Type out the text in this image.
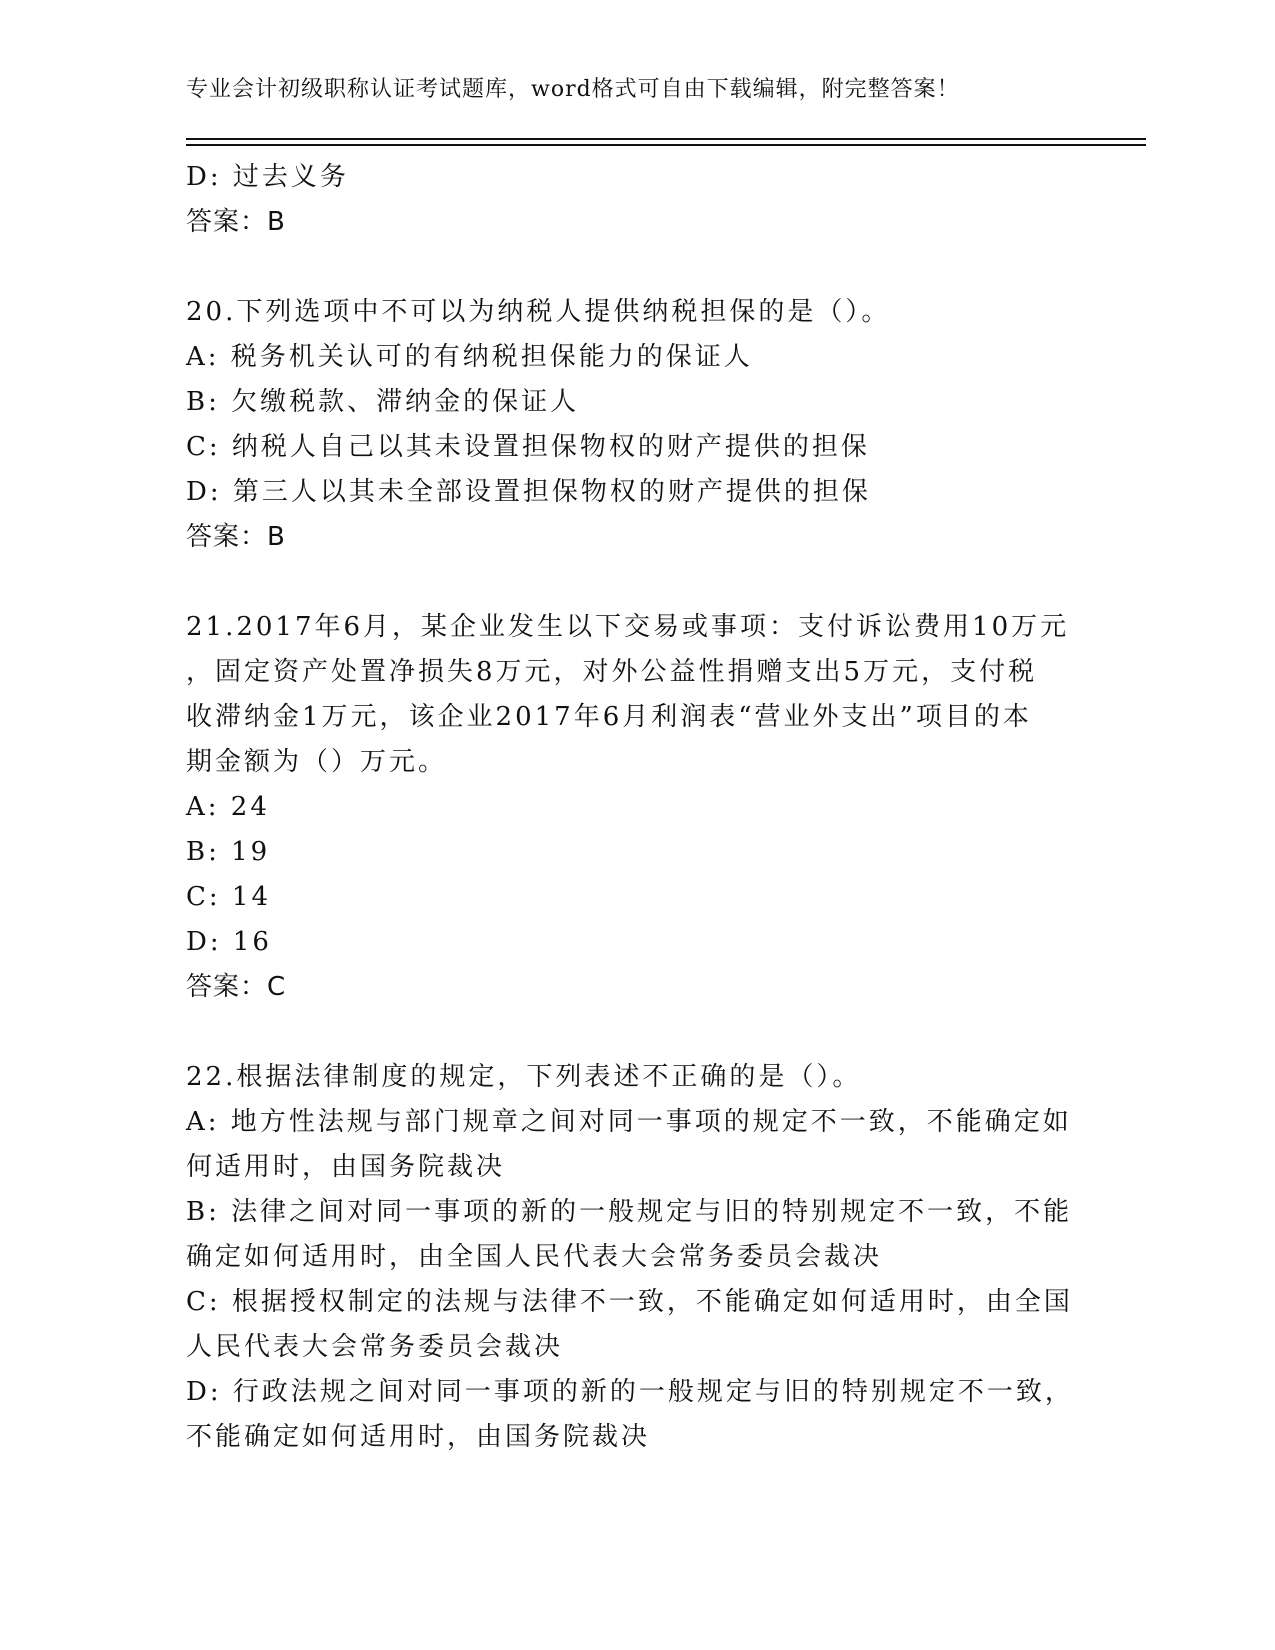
专业会计初级职称认证考试题库，word格式可自由下载编辑，附完整答案！
D: 过去义务
答案：B
20.下列选项中不可以为纳税人提供纳税担保的是（）。
A: 税务机关认可的有纳税担保能力的保证人
B: 欠缴税款、滞纳金的保证人
C: 纳税人自己以其未设置担保物权的财产提供的担保
D: 第三人以其未全部设置担保物权的财产提供的担保
答案：B
21.2017年6月，某企业发生以下交易或事项：支付诉讼费用10万元
，固定资产处置净损失8万元，对外公益性捐赠支出5万元，支付税
收滞纳金1万元，该企业2017年6月利润表“营业外支出”项目的本
期金额为（）万元。
A: 24
B: 19
C: 14
D: 16
答案：C
22.根据法律制度的规定，下列表述不正确的是（）。
A: 地方性法规与部门规章之间对同一事项的规定不一致，不能确定如
何适用时，由国务院裁决
B: 法律之间对同一事项的新的一般规定与旧的特别规定不一致，不能
确定如何适用时，由全国人民代表大会常务委员会裁决
C: 根据授权制定的法规与法律不一致，不能确定如何适用时，由全国
人民代表大会常务委员会裁决
D: 行政法规之间对同一事项的新的一般规定与旧的特别规定不一致，
不能确定如何适用时，由国务院裁决
